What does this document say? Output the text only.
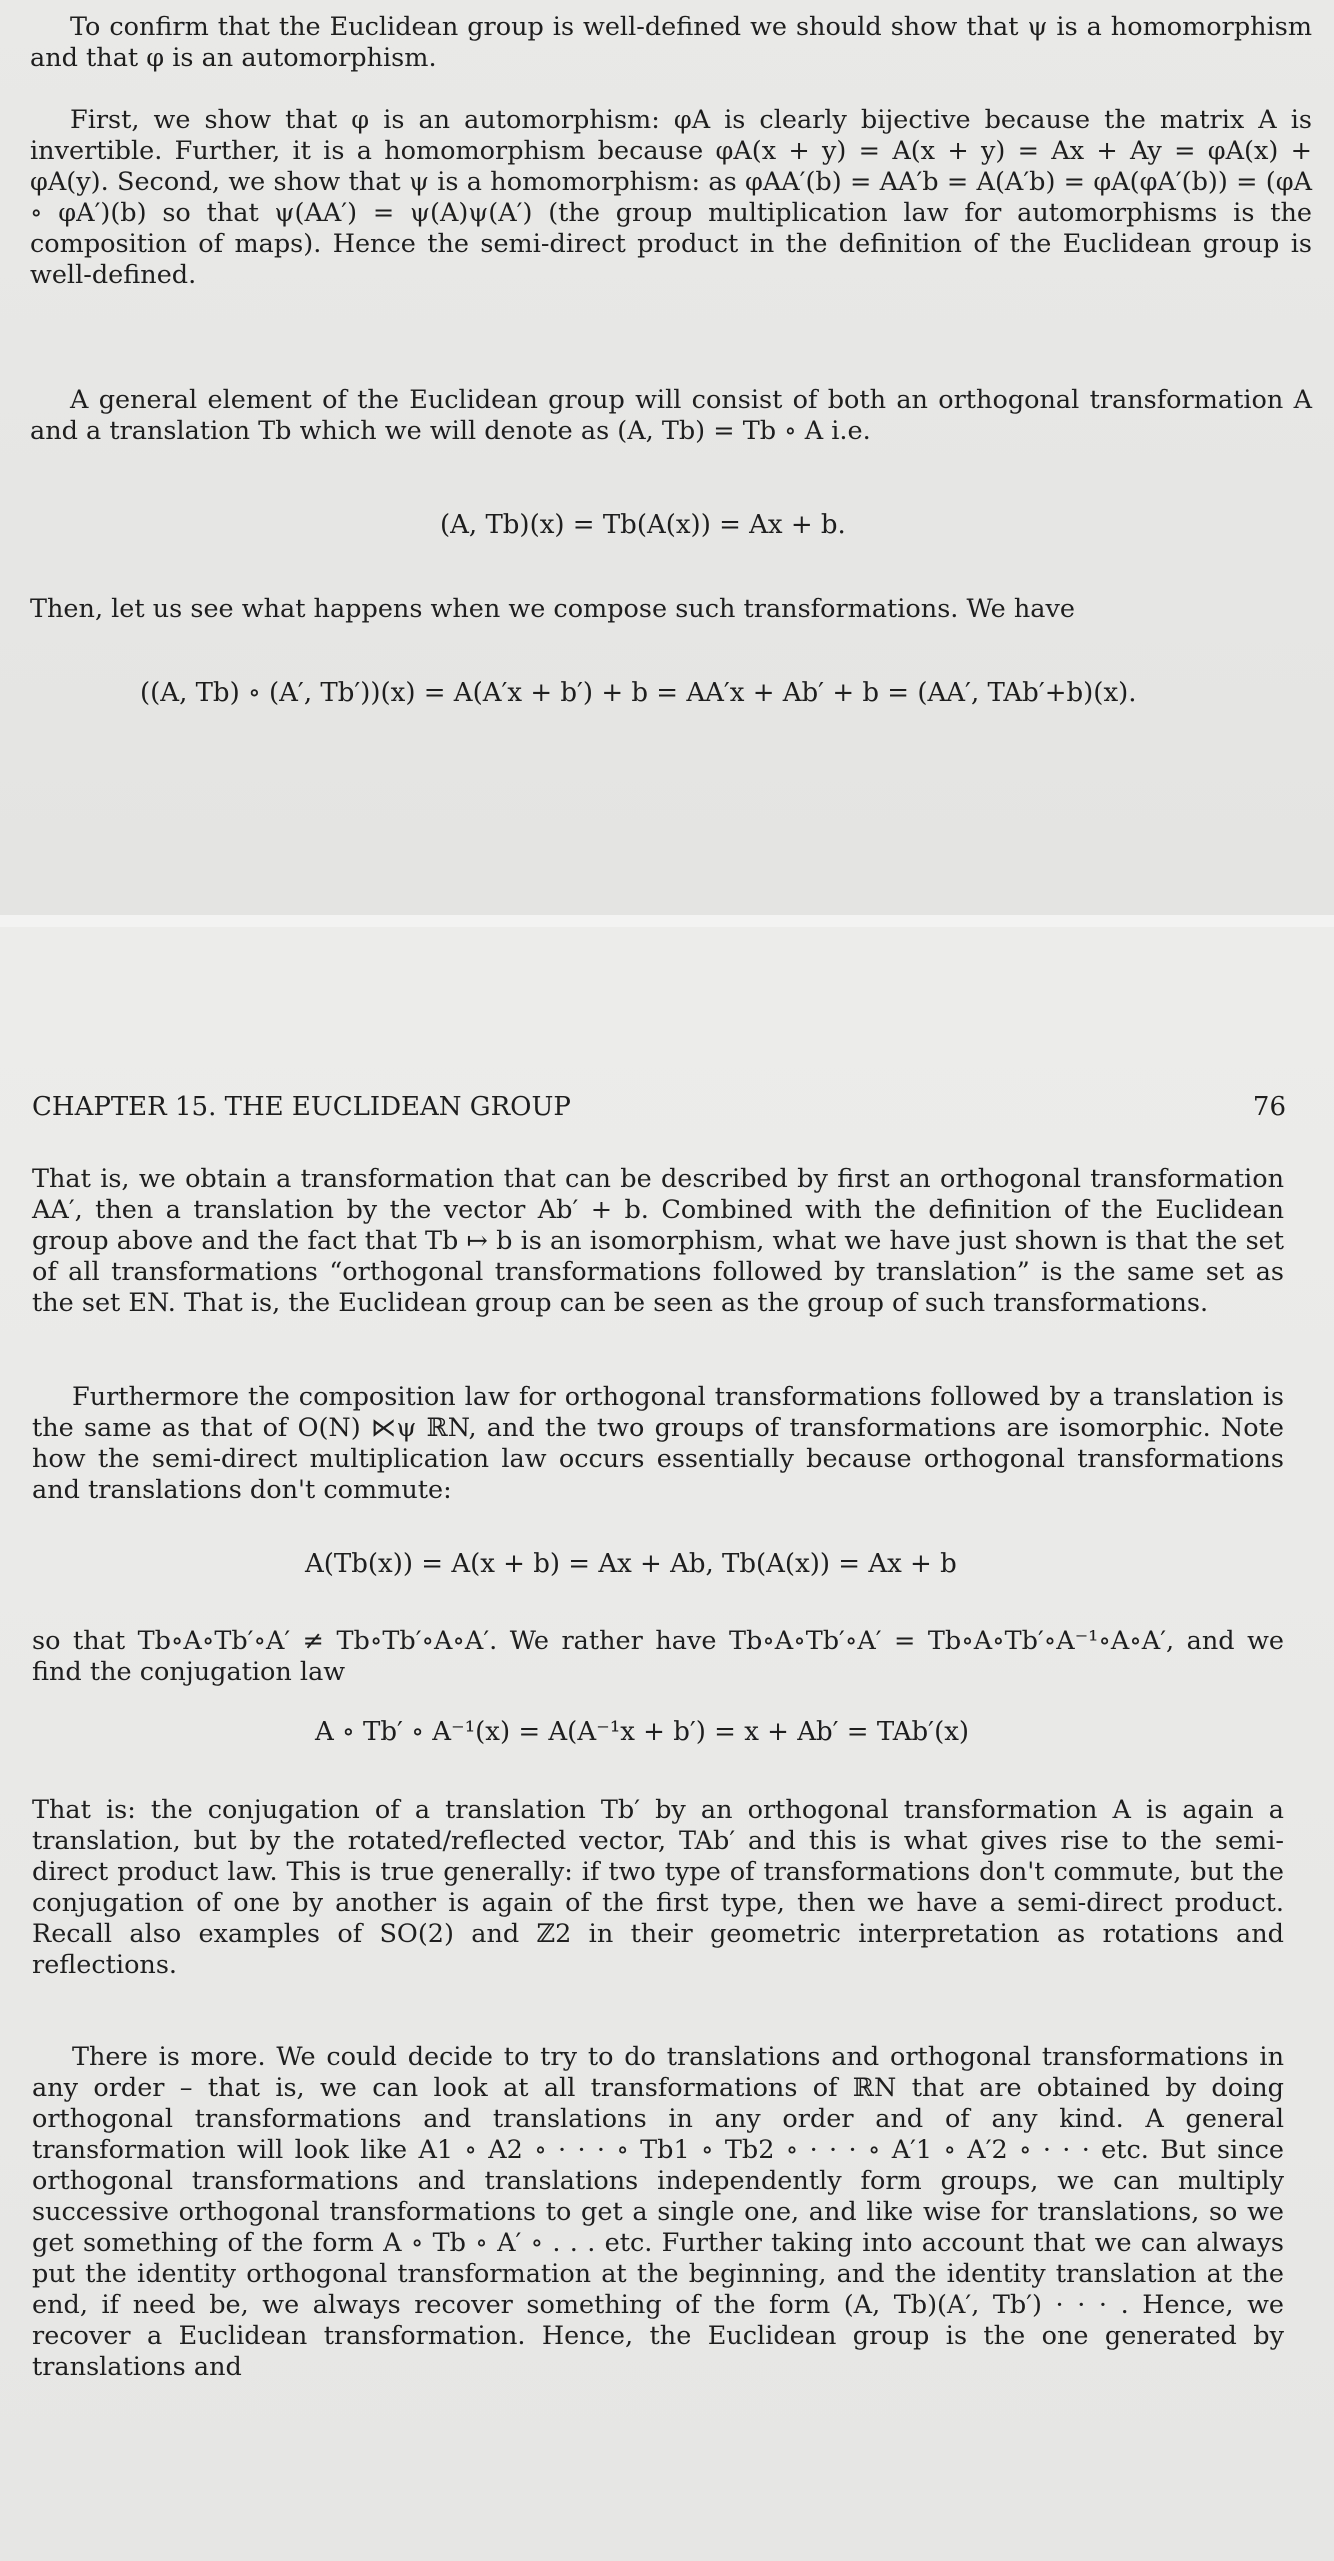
To confirm that the Euclidean group is well-defined we should show that ψ is a homomorphism and that φ is an automorphism.

First, we show that φ is an automorphism: φA is clearly bijective because the matrix A is invertible. Further, it is a homomorphism because φA(x + y) = A(x + y) = Ax + Ay = φA(x) + φA(y). Second, we show that ψ is a homomorphism: as φAA′(b) = AA′b = A(A′b) = φA(φA′(b)) = (φA ∘ φA′)(b) so that ψ(AA′) = ψ(A)ψ(A′) (the group multiplication law for automorphisms is the composition of maps). Hence the semi-direct product in the definition of the Euclidean group is well-defined.

A general element of the Euclidean group will consist of both an orthogonal transformation A and a translation Tb which we will denote as (A, Tb) = Tb ∘ A i.e.

(A, Tb)(x) = Tb(A(x)) = Ax + b.

Then, let us see what happens when we compose such transformations. We have

((A, Tb) ∘ (A′, Tb′))(x) = A(A′x + b′) + b = AA′x + Ab′ + b = (AA′, TAb′+b)(x).

CHAPTER 15. THE EUCLIDEAN GROUP	76

That is, we obtain a transformation that can be described by first an orthogonal transformation AA′, then a translation by the vector Ab′ + b. Combined with the definition of the Euclidean group above and the fact that Tb ↦ b is an isomorphism, what we have just shown is that the set of all transformations “orthogonal transformations followed by translation” is the same set as the set EN. That is, the Euclidean group can be seen as the group of such transformations.

Furthermore the composition law for orthogonal transformations followed by a translation is the same as that of O(N) ⋉ψ ℝN, and the two groups of transformations are isomorphic. Note how the semi-direct multiplication law occurs essentially because orthogonal transformations and translations don't commute:

A(Tb(x)) = A(x + b) = Ax + Ab, Tb(A(x)) = Ax + b

so that Tb∘A∘Tb′∘A′ ≠ Tb∘Tb′∘A∘A′. We rather have Tb∘A∘Tb′∘A′ = Tb∘A∘Tb′∘A⁻¹∘A∘A′, and we find the conjugation law

A ∘ Tb′ ∘ A⁻¹(x) = A(A⁻¹x + b′) = x + Ab′ = TAb′(x)

That is: the conjugation of a translation Tb′ by an orthogonal transformation A is again a translation, but by the rotated/reflected vector, TAb′ and this is what gives rise to the semi-direct product law. This is true generally: if two type of transformations don't commute, but the conjugation of one by another is again of the first type, then we have a semi-direct product. Recall also examples of SO(2) and ℤ2 in their geometric interpretation as rotations and reflections.

There is more. We could decide to try to do translations and orthogonal transformations in any order – that is, we can look at all transformations of ℝN that are obtained by doing orthogonal transformations and translations in any order and of any kind. A general transformation will look like A1 ∘ A2 ∘ · · · ∘ Tb1 ∘ Tb2 ∘ · · · ∘ A′1 ∘ A′2 ∘ · · · etc. But since orthogonal transformations and translations independently form groups, we can multiply successive orthogonal transformations to get a single one, and like wise for translations, so we get something of the form A ∘ Tb ∘ A′ ∘ . . . etc. Further taking into account that we can always put the identity orthogonal transformation at the beginning, and the identity translation at the end, if need be, we always recover something of the form (A, Tb)(A′, Tb′) · · · . Hence, we recover a Euclidean transformation. Hence, the Euclidean group is the one generated by translations and
